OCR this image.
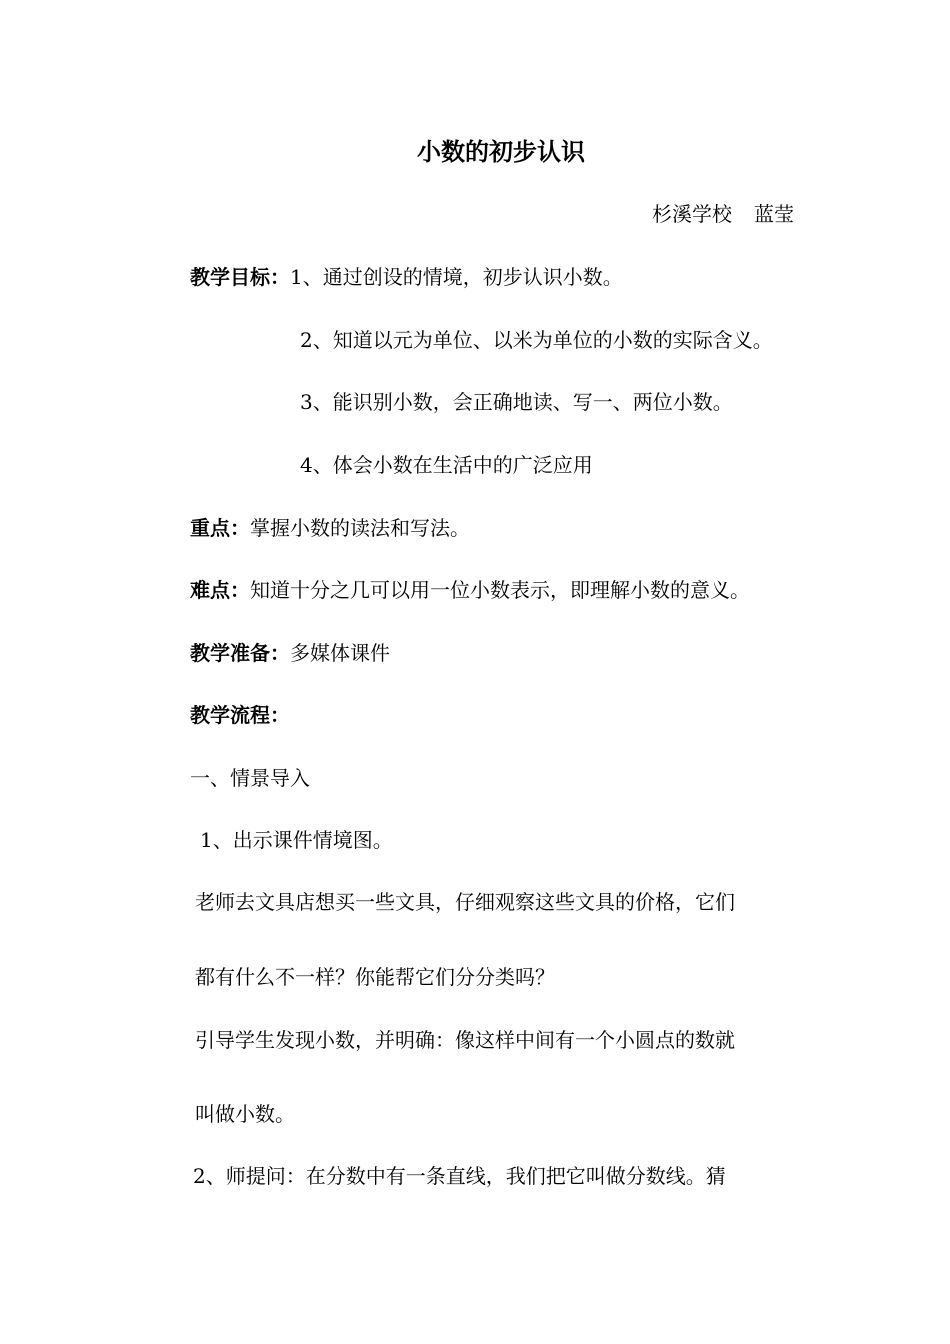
小数的初步认识
杉溪学校 蓝莹
教学目标：1、通过创设的情境，初步认识小数。
2、知道以元为单位、以米为单位的小数的实际含义。
3、能识别小数，会正确地读、写一、两位小数。
4、体会小数在生活中的广泛应用
重点：掌握小数的读法和写法。
难点：知道十分之几可以用一位小数表示，即理解小数的意义。
教学准备：多媒体课件
教学流程：
一、情景导入
1、出示课件情境图。
老师去文具店想买一些文具，仔细观察这些文具的价格，它们
都有什么不一样？你能帮它们分分类吗？
引导学生发现小数，并明确：像这样中间有一个小圆点的数就
叫做小数。
2、师提问：在分数中有一条直线，我们把它叫做分数线。猜
